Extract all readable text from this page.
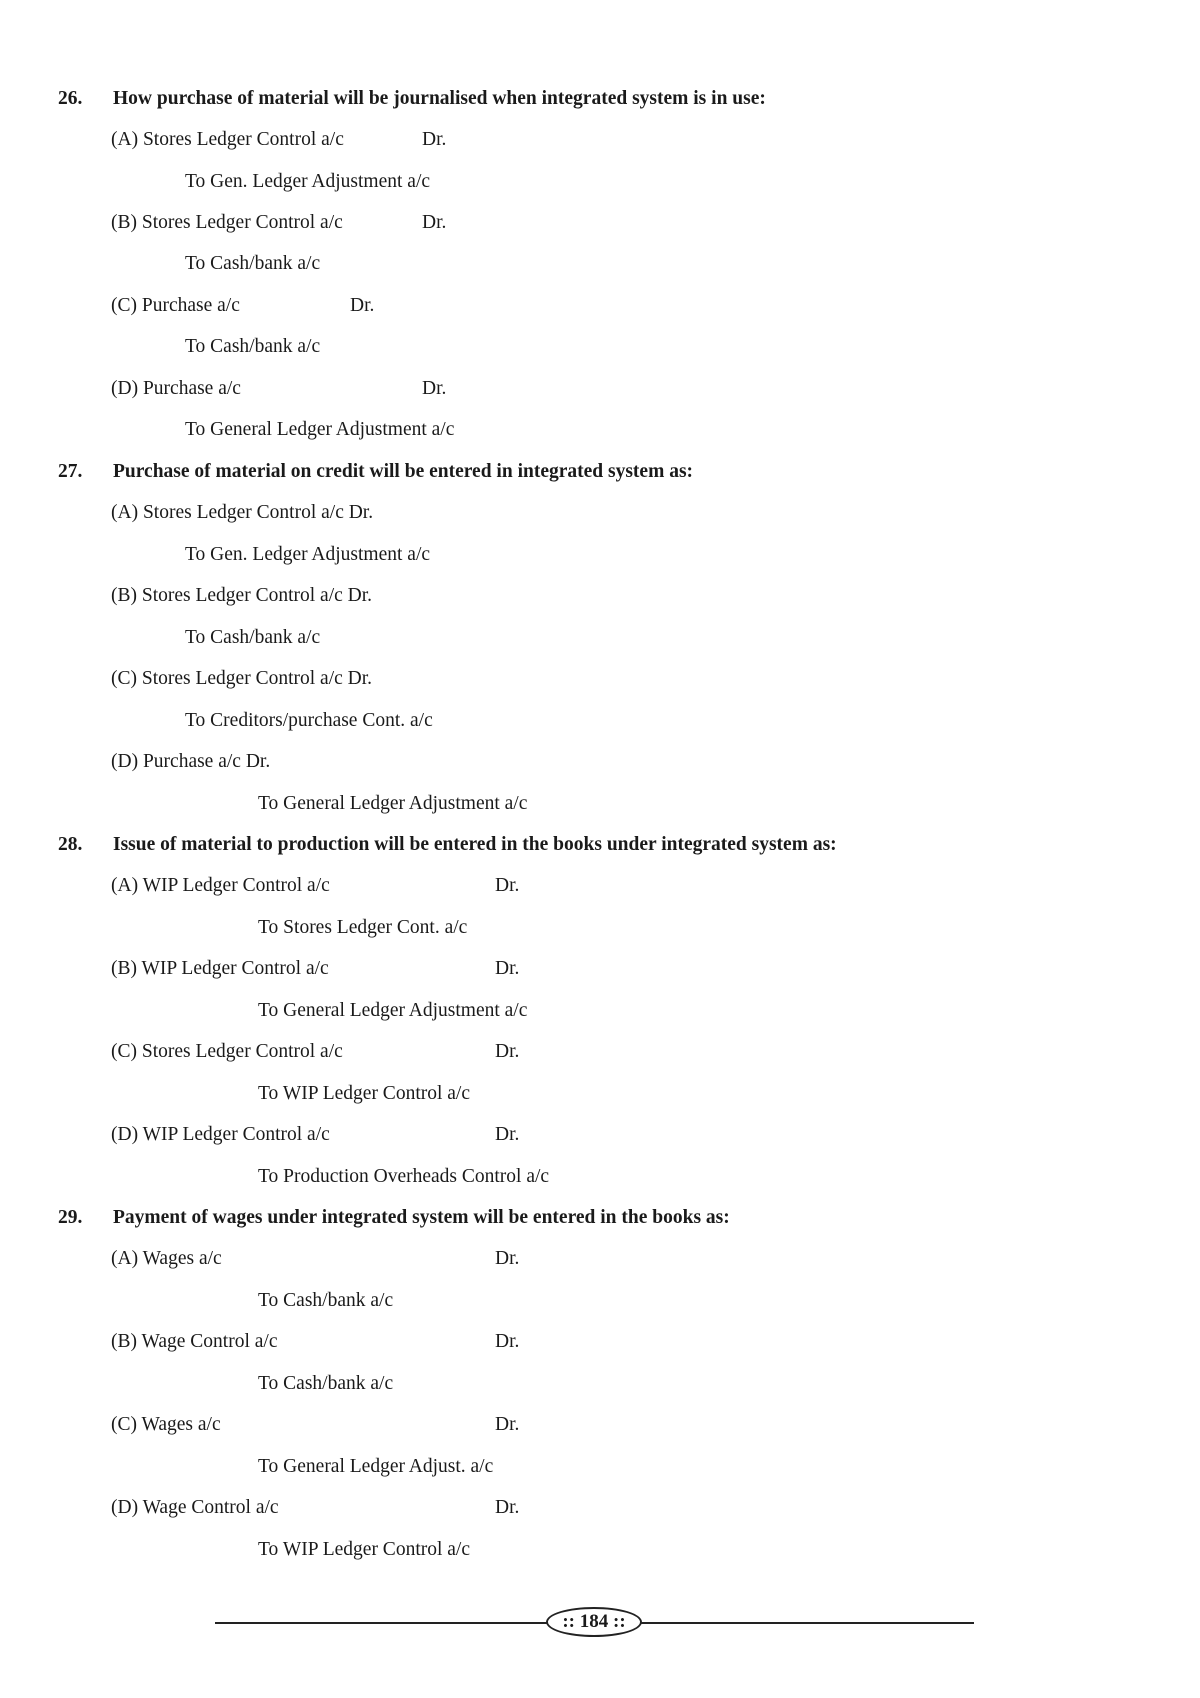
26. How purchase of material will be journalised when integrated system is in use:
(A) Stores Ledger Control a/c	Dr.
To Gen. Ledger Adjustment a/c
(B) Stores Ledger Control a/c	Dr.
To Cash/bank a/c
(C) Purchase a/c	Dr.
To Cash/bank a/c
(D) Purchase a/c	Dr.
To General Ledger Adjustment a/c
27. Purchase of material on credit will be entered in integrated system as:
(A) Stores Ledger Control a/c Dr.
To Gen. Ledger Adjustment a/c
(B) Stores Ledger Control a/c Dr.
To Cash/bank a/c
(C) Stores Ledger Control a/c Dr.
To Creditors/purchase Cont. a/c
(D) Purchase a/c Dr.
To General Ledger Adjustment a/c
28. Issue of material to production will be entered in the books under integrated system as:
(A) WIP Ledger Control a/c	Dr.
To Stores Ledger Cont. a/c
(B) WIP Ledger Control a/c	Dr.
To General Ledger Adjustment a/c
(C) Stores Ledger Control a/c	Dr.
To WIP Ledger Control a/c
(D) WIP Ledger Control a/c	Dr.
To Production Overheads Control a/c
29. Payment of wages under integrated system will be entered in the books as:
(A) Wages a/c	Dr.
To Cash/bank a/c
(B) Wage Control a/c	Dr.
To Cash/bank a/c
(C) Wages a/c	Dr.
To General Ledger Adjust. a/c
(D) Wage Control a/c	Dr.
To WIP Ledger Control a/c
:: 184 ::
